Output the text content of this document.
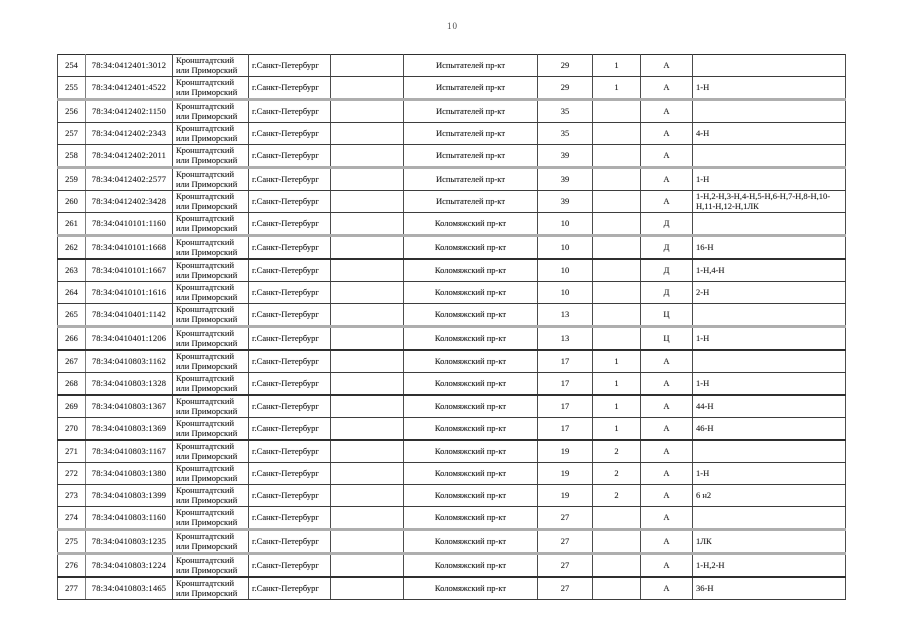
10
254	78:34:0412401:3012	Кронштадтский или Приморский	г.Санкт-Петербург		Испытателей пр-кт	29	1	А	
255	78:34:0412401:4522	Кронштадтский или Приморский	г.Санкт-Петербург		Испытателей пр-кт	29	1	А	1-Н
256	78:34:0412402:1150	Кронштадтский или Приморский	г.Санкт-Петербург		Испытателей пр-кт	35		А	
257	78:34:0412402:2343	Кронштадтский или Приморский	г.Санкт-Петербург		Испытателей пр-кт	35		А	4-Н
258	78:34:0412402:2011	Кронштадтский или Приморский	г.Санкт-Петербург		Испытателей пр-кт	39		А	
259	78:34:0412402:2577	Кронштадтский или Приморский	г.Санкт-Петербург		Испытателей пр-кт	39		А	1-Н
260	78:34:0412402:3428	Кронштадтский или Приморский	г.Санкт-Петербург		Испытателей пр-кт	39		А	1-Н,2-Н,3-Н,4-Н,5-Н,6-Н,7-Н,8-Н,10-Н,11-Н,12-Н,1ЛК
261	78:34:0410101:1160	Кронштадтский или Приморский	г.Санкт-Петербург		Коломяжский пр-кт	10		Д	
262	78:34:0410101:1668	Кронштадтский или Приморский	г.Санкт-Петербург		Коломяжский пр-кт	10		Д	16-Н
263	78:34:0410101:1667	Кронштадтский или Приморский	г.Санкт-Петербург		Коломяжский пр-кт	10		Д	1-Н,4-Н
264	78:34:0410101:1616	Кронштадтский или Приморский	г.Санкт-Петербург		Коломяжский пр-кт	10		Д	2-Н
265	78:34:0410401:1142	Кронштадтский или Приморский	г.Санкт-Петербург		Коломяжский пр-кт	13		Ц	
266	78:34:0410401:1206	Кронштадтский или Приморский	г.Санкт-Петербург		Коломяжский пр-кт	13		Ц	1-Н
267	78:34:0410803:1162	Кронштадтский или Приморский	г.Санкт-Петербург		Коломяжский пр-кт	17	1	А	
268	78:34:0410803:1328	Кронштадтский или Приморский	г.Санкт-Петербург		Коломяжский пр-кт	17	1	А	1-Н
269	78:34:0410803:1367	Кронштадтский или Приморский	г.Санкт-Петербург		Коломяжский пр-кт	17	1	А	44-Н
270	78:34:0410803:1369	Кронштадтский или Приморский	г.Санкт-Петербург		Коломяжский пр-кт	17	1	А	46-Н
271	78:34:0410803:1167	Кронштадтский или Приморский	г.Санкт-Петербург		Коломяжский пр-кт	19	2	А	
272	78:34:0410803:1380	Кронштадтский или Приморский	г.Санкт-Петербург		Коломяжский пр-кт	19	2	А	1-Н
273	78:34:0410803:1399	Кронштадтский или Приморский	г.Санкт-Петербург		Коломяжский пр-кт	19	2	А	6 н2
274	78:34:0410803:1160	Кронштадтский или Приморский	г.Санкт-Петербург		Коломяжский пр-кт	27		А	
275	78:34:0410803:1235	Кронштадтский или Приморский	г.Санкт-Петербург		Коломяжский пр-кт	27		А	1ЛК
276	78:34:0410803:1224	Кронштадтский или Приморский	г.Санкт-Петербург		Коломяжский пр-кт	27		А	1-Н,2-Н
277	78:34:0410803:1465	Кронштадтский или Приморский	г.Санкт-Петербург		Коломяжский пр-кт	27		А	36-Н
